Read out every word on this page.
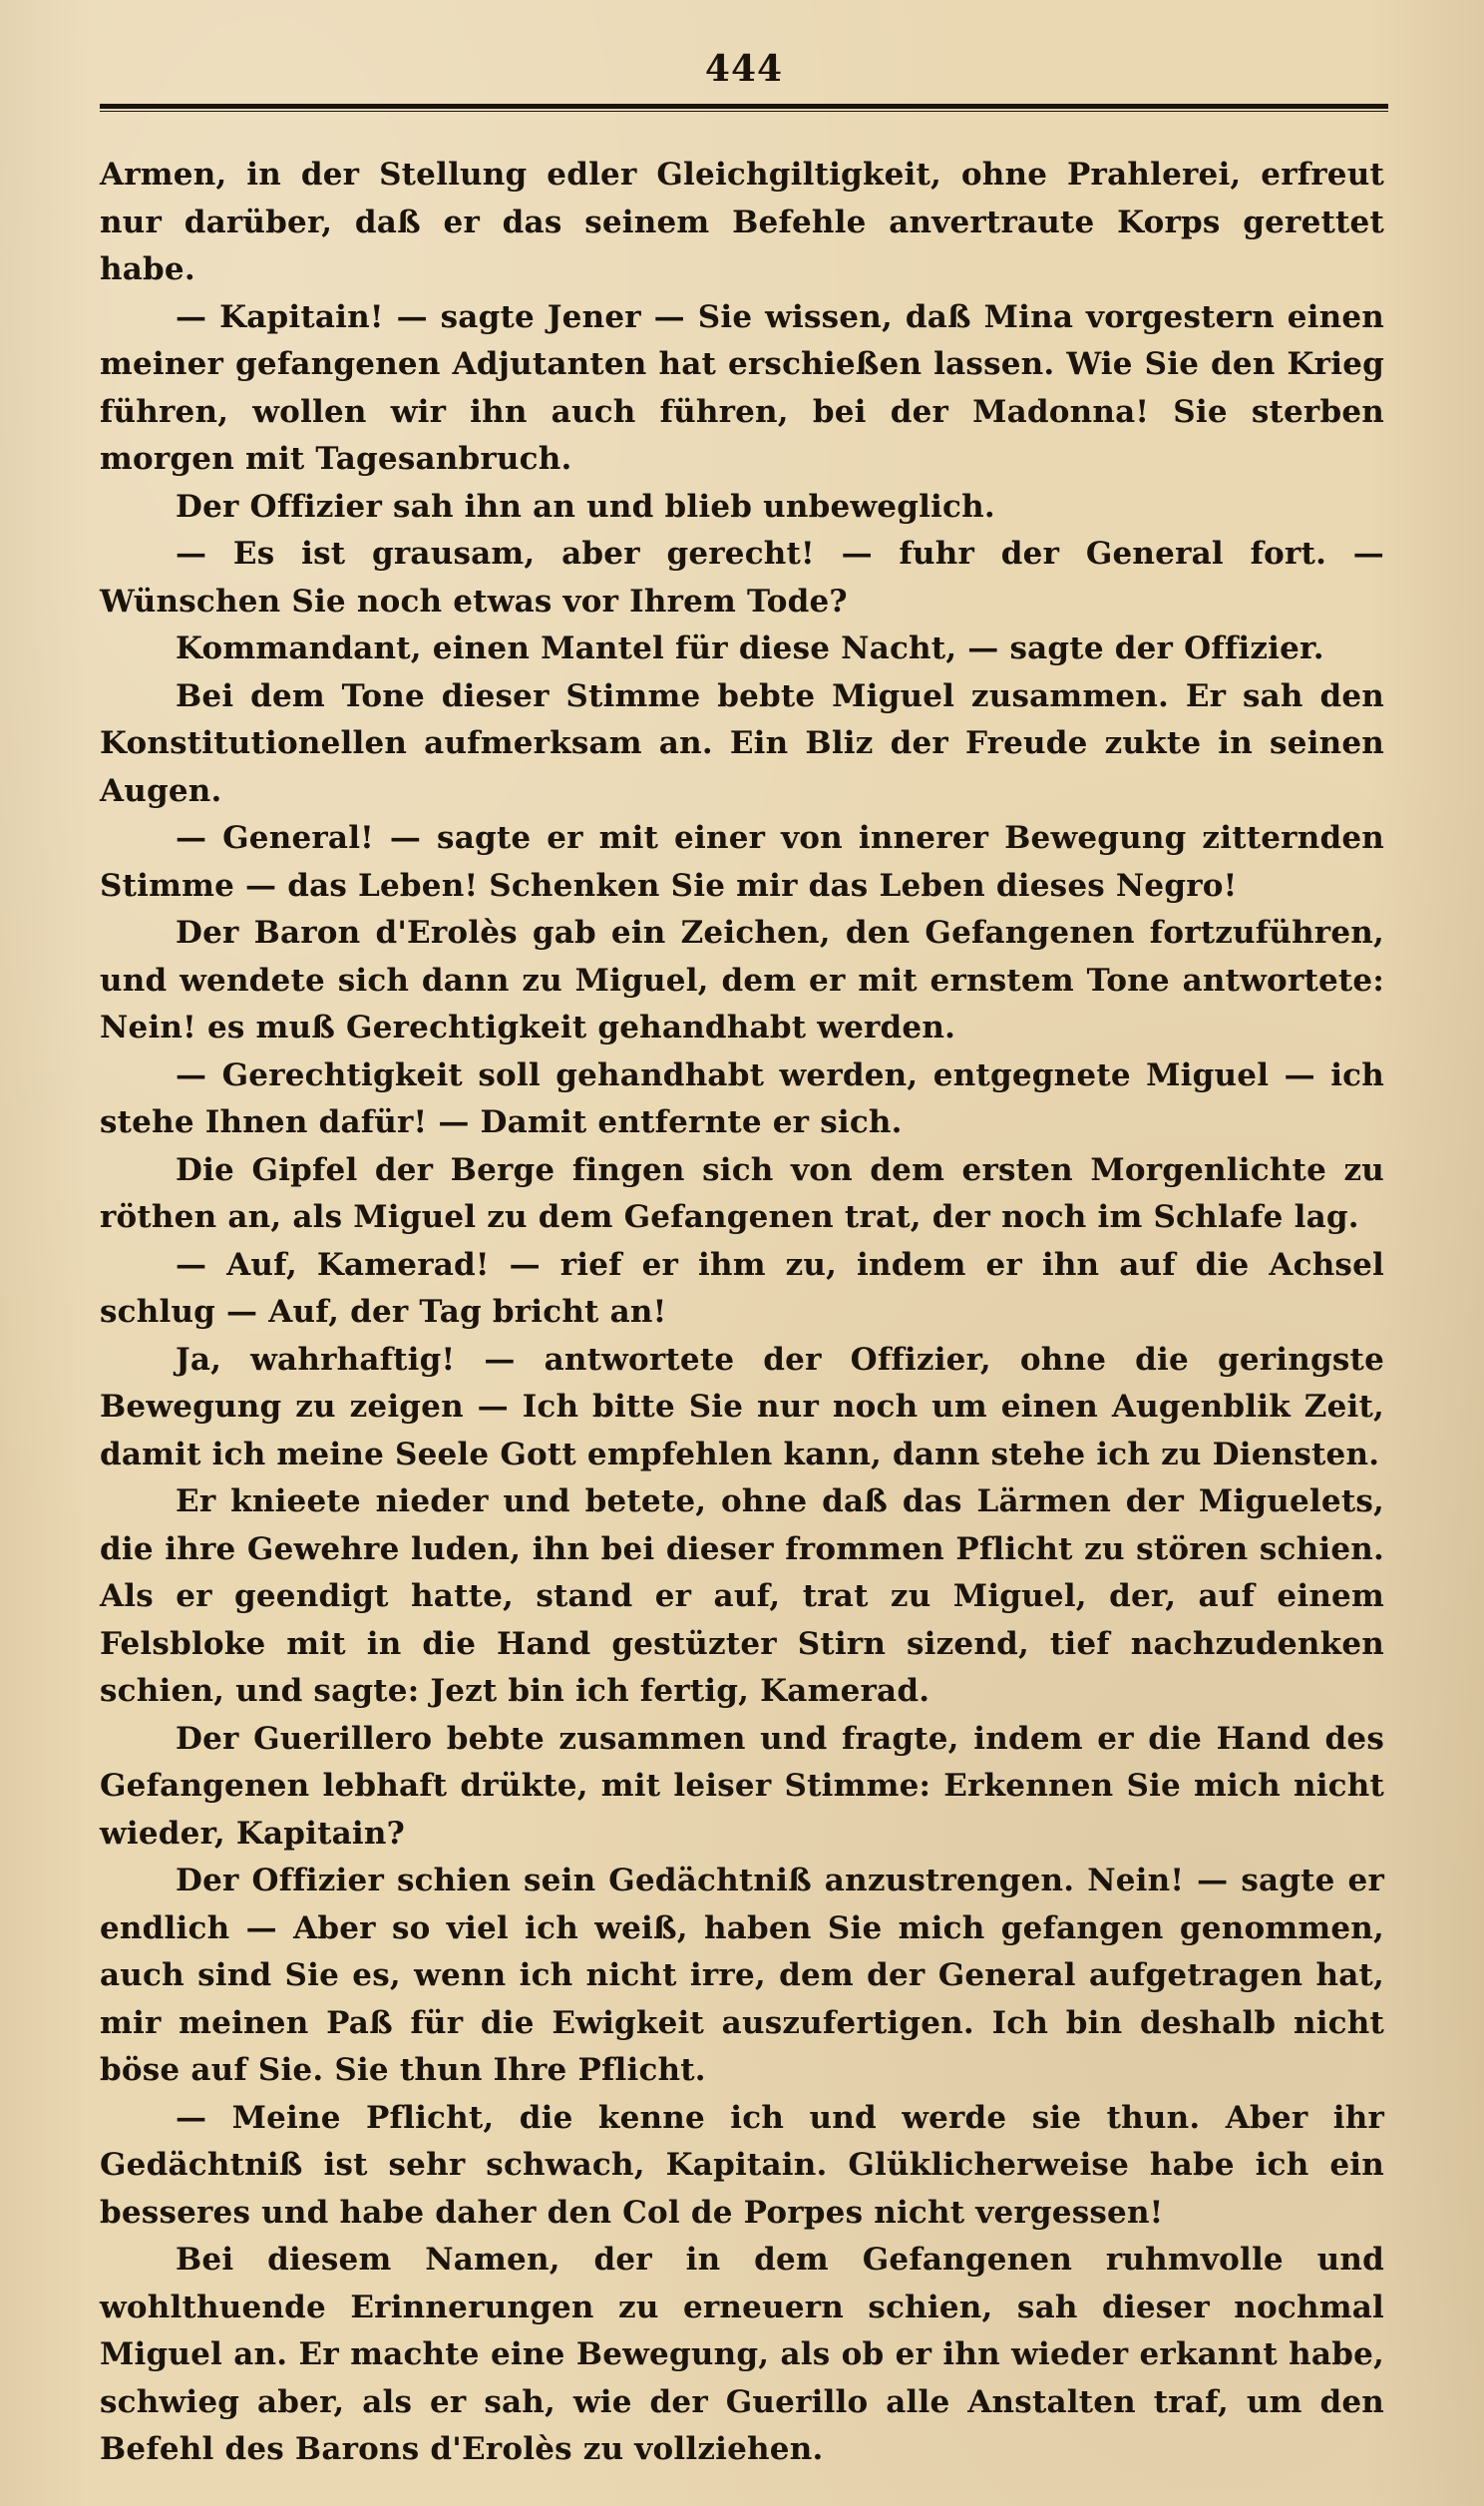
444

Armen, in der Stellung edler Gleichgiltigkeit, ohne Prahlerei, erfreut nur darüber, daß er das seinem Befehle anvertraute Korps gerettet habe.

— Kapitain! — sagte Jener — Sie wissen, daß Mina vorgestern einen meiner gefangenen Adjutanten hat erschießen lassen. Wie Sie den Krieg führen, wollen wir ihn auch führen, bei der Madonna! Sie sterben morgen mit Tagesanbruch.

Der Offizier sah ihn an und blieb unbeweglich.

— Es ist grausam, aber gerecht! — fuhr der General fort. — Wünschen Sie noch etwas vor Ihrem Tode?

Kommandant, einen Mantel für diese Nacht, — sagte der Offizier.

Bei dem Tone dieser Stimme bebte Miguel zusammen. Er sah den Konstitutionellen aufmerksam an. Ein Bliz der Freude zukte in seinen Augen.

— General! — sagte er mit einer von innerer Bewegung zitternden Stimme — das Leben! Schenken Sie mir das Leben dieses Negro!

Der Baron d'Erolès gab ein Zeichen, den Gefangenen fortzuführen, und wendete sich dann zu Miguel, dem er mit ernstem Tone antwortete: Nein! es muß Gerechtigkeit gehandhabt werden.

— Gerechtigkeit soll gehandhabt werden, entgegnete Miguel — ich stehe Ihnen dafür! — Damit entfernte er sich.

Die Gipfel der Berge fingen sich von dem ersten Morgenlichte zu röthen an, als Miguel zu dem Gefangenen trat, der noch im Schlafe lag.

— Auf, Kamerad! — rief er ihm zu, indem er ihn auf die Achsel schlug — Auf, der Tag bricht an!

Ja, wahrhaftig! — antwortete der Offizier, ohne die geringste Bewegung zu zeigen — Ich bitte Sie nur noch um einen Augenblik Zeit, damit ich meine Seele Gott empfehlen kann, dann stehe ich zu Diensten.

Er knieete nieder und betete, ohne daß das Lärmen der Miguelets, die ihre Gewehre luden, ihn bei dieser frommen Pflicht zu stören schien. Als er geendigt hatte, stand er auf, trat zu Miguel, der, auf einem Felsbloke mit in die Hand gestüzter Stirn sizend, tief nachzudenken schien, und sagte: Jezt bin ich fertig, Kamerad.

Der Guerillero bebte zusammen und fragte, indem er die Hand des Gefangenen lebhaft drükte, mit leiser Stimme: Erkennen Sie mich nicht wieder, Kapitain?

Der Offizier schien sein Gedächtniß anzustrengen. Nein! — sagte er endlich — Aber so viel ich weiß, haben Sie mich gefangen genommen, auch sind Sie es, wenn ich nicht irre, dem der General aufgetragen hat, mir meinen Paß für die Ewigkeit auszufertigen. Ich bin deshalb nicht böse auf Sie. Sie thun Ihre Pflicht.

— Meine Pflicht, die kenne ich und werde sie thun. Aber ihr Gedächtniß ist sehr schwach, Kapitain. Glüklicherweise habe ich ein besseres und habe daher den Col de Porpes nicht vergessen!

Bei diesem Namen, der in dem Gefangenen ruhmvolle und wohlthuende Erinnerungen zu erneuern schien, sah dieser nochmal Miguel an. Er machte eine Bewegung, als ob er ihn wieder erkannt habe, schwieg aber, als er sah, wie der Guerillo alle Anstalten traf, um den Befehl des Barons d'Erolès zu vollziehen.
